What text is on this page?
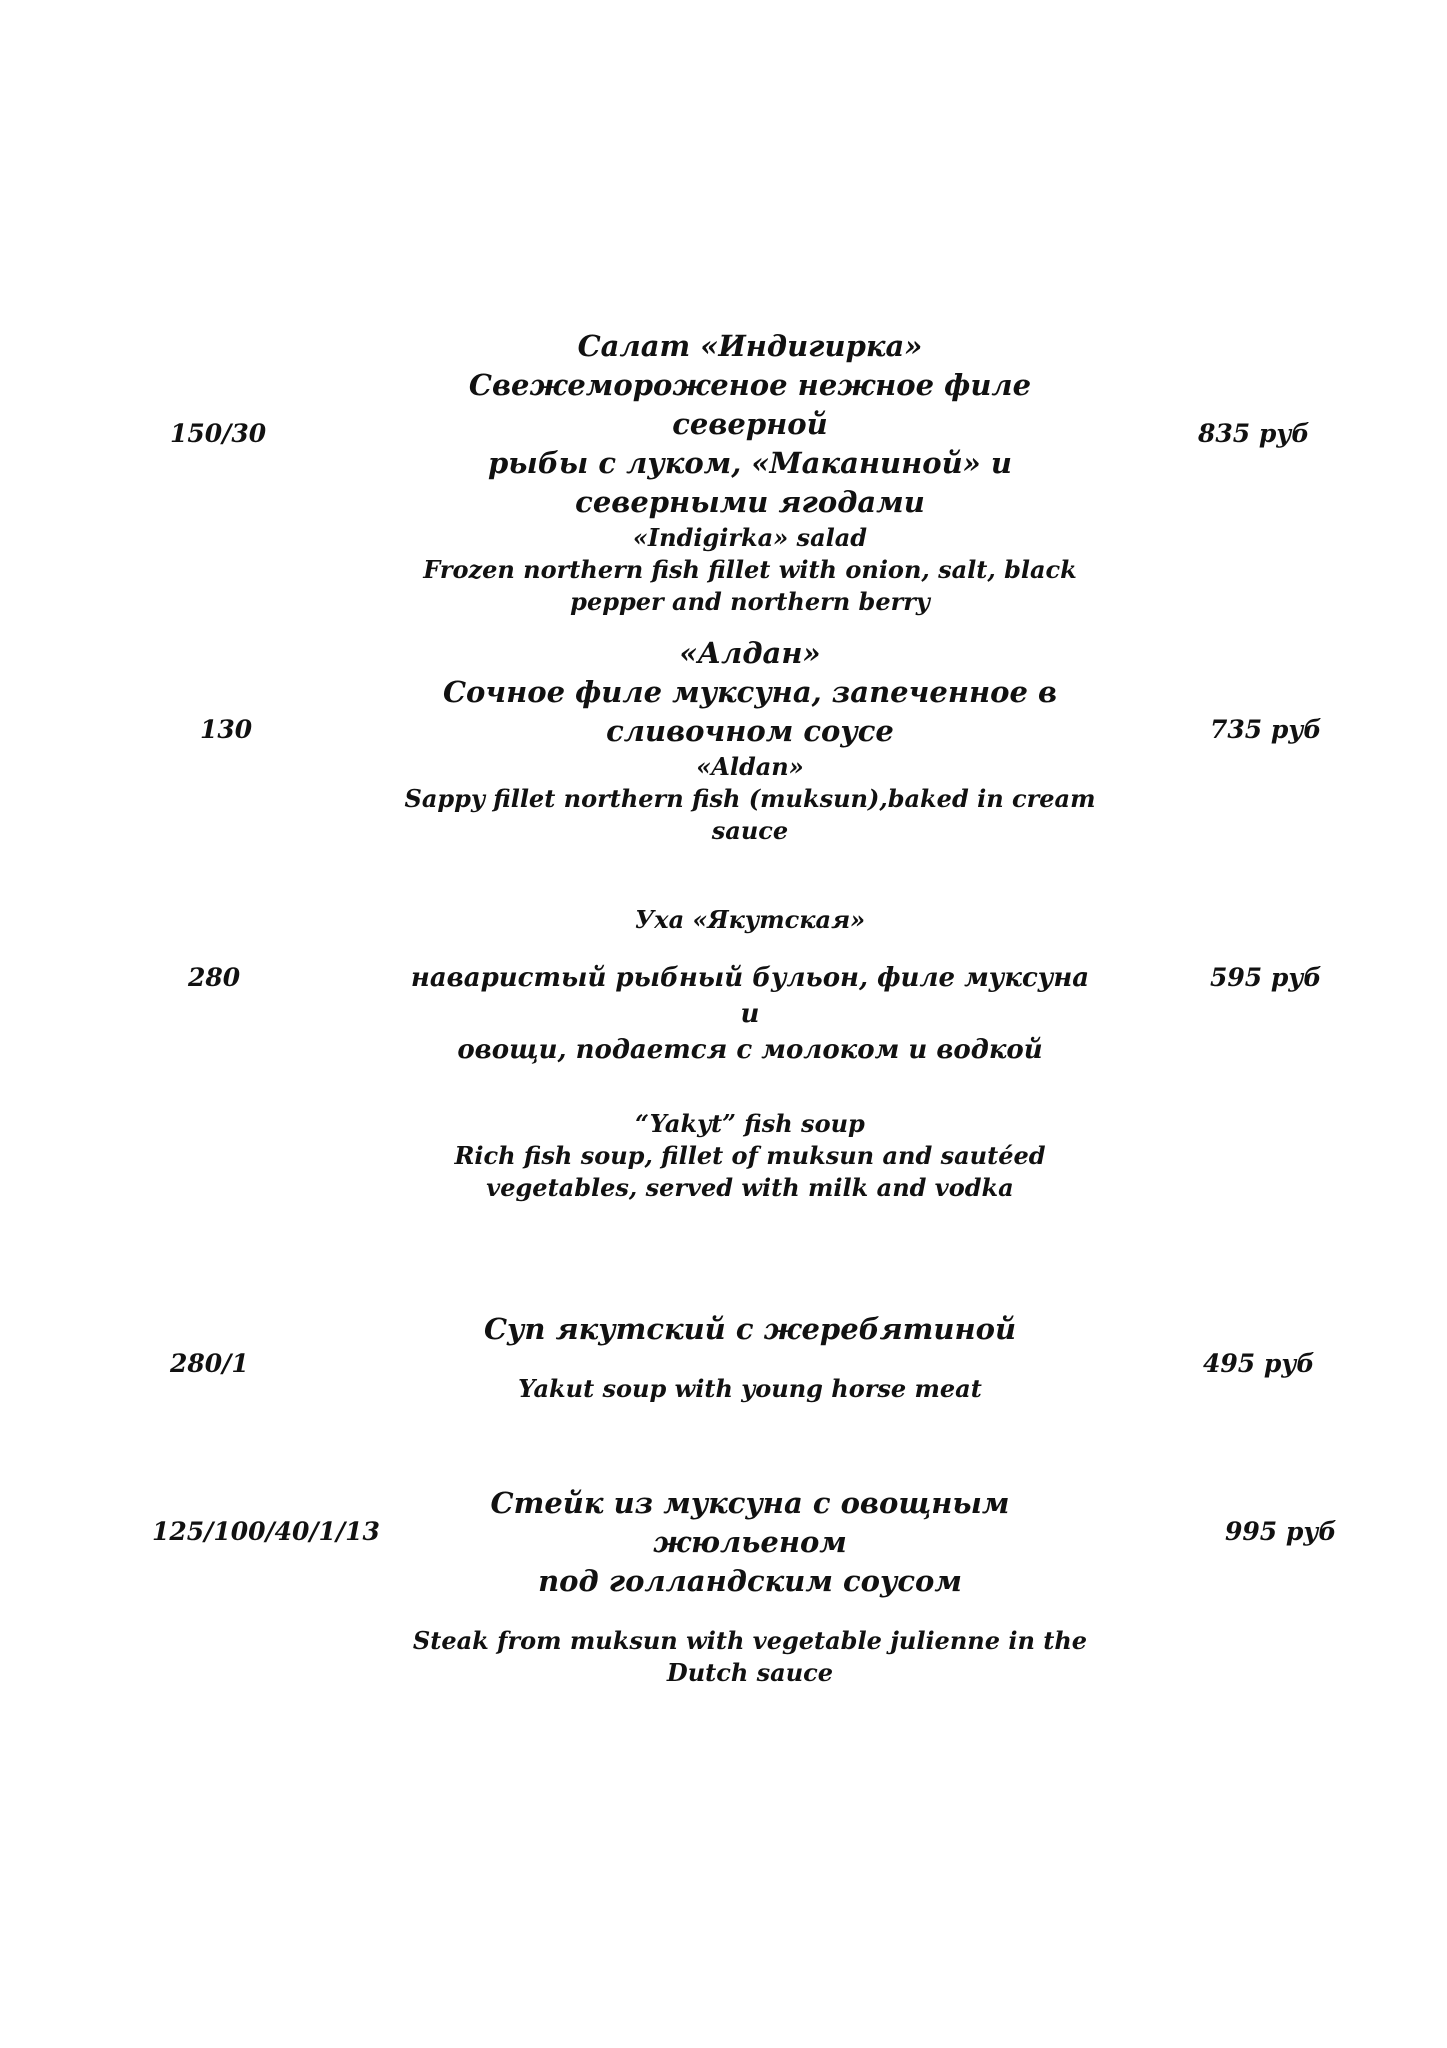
150/30

Салат «Индигирка»

Свежемороженое нежное филе северной

рыбы с луком, «Маканиной» и

северными ягодами

«Indigirka» salad

Frozen northern fish fillet with onion, salt, black

pepper and northern berry

835 руб
130

«Алдан»

Сочное филе муксуна, запеченное в

сливочном соусе

«Aldan»

Sappy fillet northern fish (muksun),baked in cream

sauce

735 руб
280

Уха «Якутская»

наваристый рыбный бульон, филе муксуна и

овощи, подается с молоком и водкой

“Yakyt” fish soup

Rich fish soup, fillet of muksun and sautéed

vegetables, served with milk and vodka

595 руб
280/1

Суп якутский с жеребятиной

Yakut soup with young horse meat

495 руб
125/100/40/1/13

Стейк из муксуна с овощным жюльеном

под голландским соусом

Steak from muksun with vegetable julienne in the

Dutch sauce

995 руб
